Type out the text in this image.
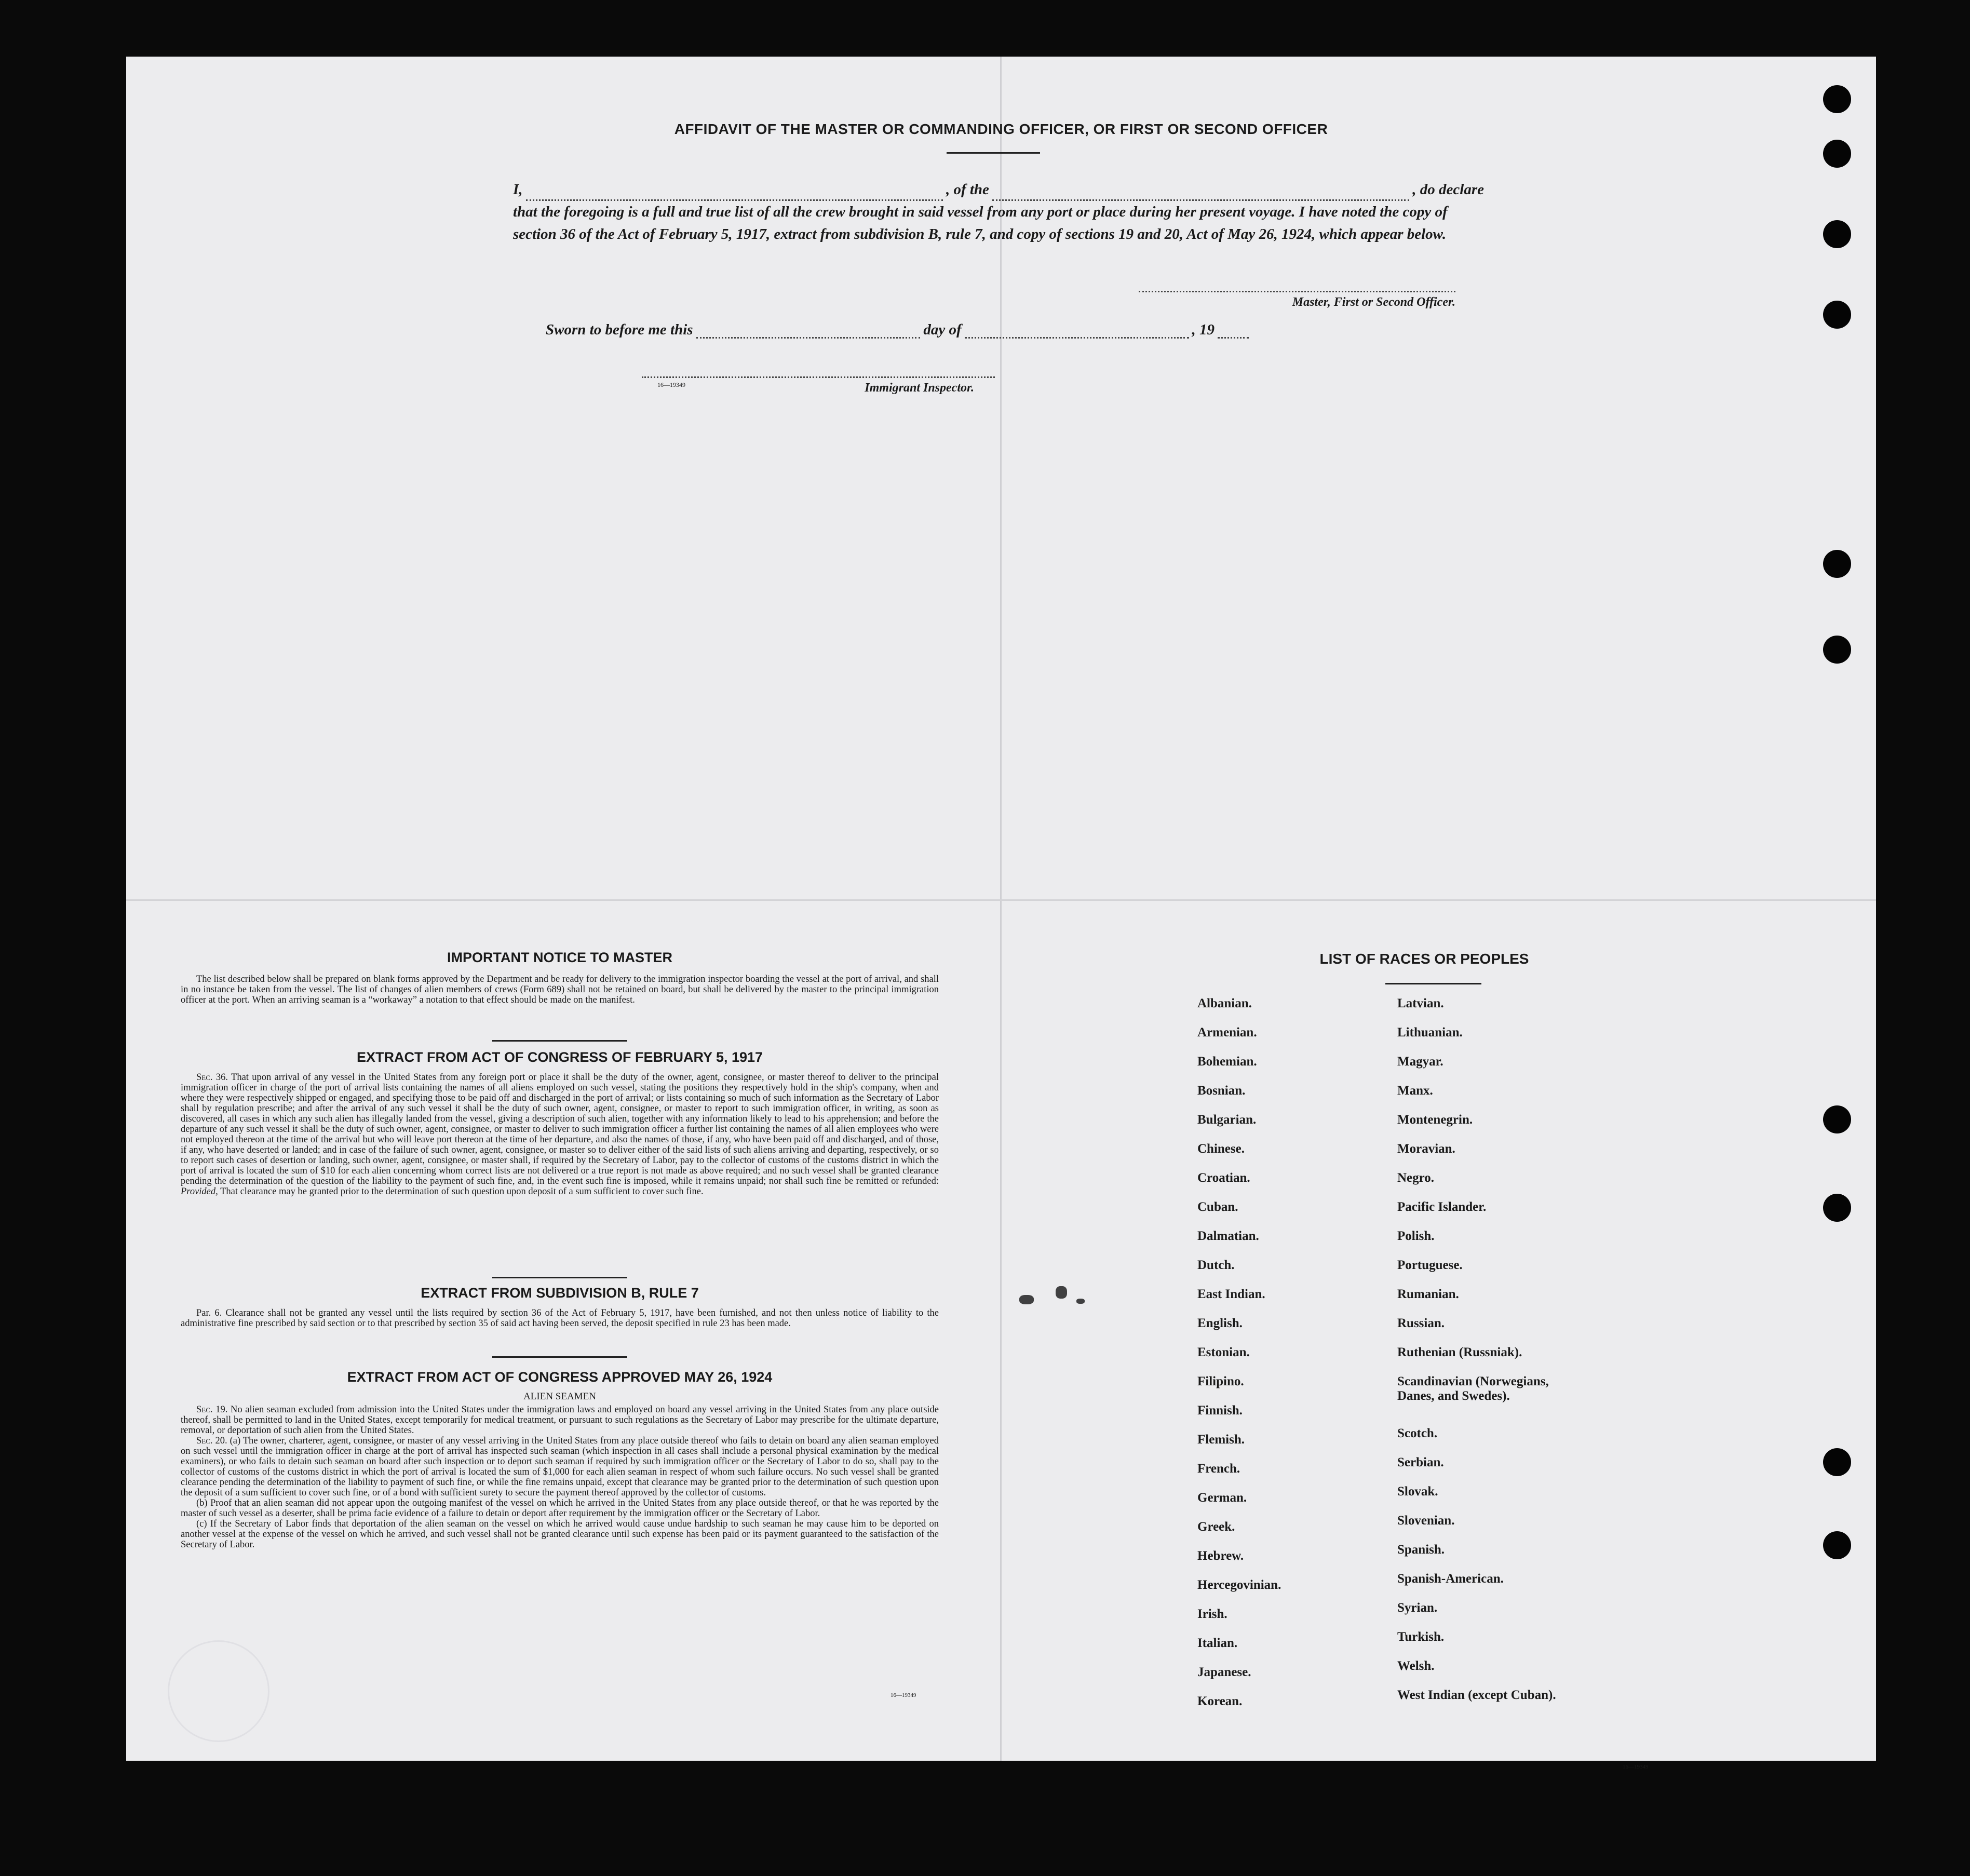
AFFIDAVIT OF THE MASTER OR COMMANDING OFFICER, OR FIRST OR SECOND OFFICER
I,	, of the	, do declare
that the foregoing is a full and true list of all the crew brought in said vessel from any port or place during her present voyage. I have noted the copy of section 36 of the Act of February 5, 1917, extract from subdivision B, rule 7, and copy of sections 19 and 20, Act of May 26, 1924, which appear below.
Master, First or Second Officer.
Sworn to before me this	day of	, 19
16—19349	Immigrant Inspector.
IMPORTANT NOTICE TO MASTER
The list described below shall be prepared on blank forms approved by the Department and be ready for delivery to the immigration inspector boarding the vessel at the port of arrival, and shall in no instance be taken from the vessel. The list of changes of alien members of crews (Form 689) shall not be retained on board, but shall be delivered by the master to the principal immigration officer at the port. When an arriving seaman is a “workaway” a notation to that effect should be made on the manifest.
EXTRACT FROM ACT OF CONGRESS OF FEBRUARY 5, 1917
Sec. 36. That upon arrival of any vessel in the United States from any foreign port or place it shall be the duty of the owner, agent, consignee, or master thereof to deliver to the principal immigration officer in charge of the port of arrival lists containing the names of all aliens employed on such vessel, stating the positions they respectively hold in the ship's company, when and where they were respectively shipped or engaged, and specifying those to be paid off and discharged in the port of arrival; or lists containing so much of such information as the Secretary of Labor shall by regulation prescribe; and after the arrival of any such vessel it shall be the duty of such owner, agent, consignee, or master to report to such immigration officer, in writing, as soon as discovered, all cases in which any such alien has illegally landed from the vessel, giving a description of such alien, together with any information likely to lead to his apprehension; and before the departure of any such vessel it shall be the duty of such owner, agent, consignee, or master to deliver to such immigration officer a further list containing the names of all alien employees who were not employed thereon at the time of the arrival but who will leave port thereon at the time of her departure, and also the names of those, if any, who have been paid off and discharged, and of those, if any, who have deserted or landed; and in case of the failure of such owner, agent, consignee, or master so to deliver either of the said lists of such aliens arriving and departing, respectively, or so to report such cases of desertion or landing, such owner, agent, consignee, or master shall, if required by the Secretary of Labor, pay to the collector of customs of the customs district in which the port of arrival is located the sum of $10 for each alien concerning whom correct lists are not delivered or a true report is not made as above required; and no such vessel shall be granted clearance pending the determination of the question of the liability to the payment of such fine, and, in the event such fine is imposed, while it remains unpaid; nor shall such fine be remitted or refunded: Provided, That clearance may be granted prior to the determination of such question upon deposit of a sum sufficient to cover such fine.
EXTRACT FROM SUBDIVISION B, RULE 7
Par. 6. Clearance shall not be granted any vessel until the lists required by section 36 of the Act of February 5, 1917, have been furnished, and not then unless notice of liability to the administrative fine prescribed by said section or to that prescribed by section 35 of said act having been served, the deposit specified in rule 23 has been made.
EXTRACT FROM ACT OF CONGRESS APPROVED MAY 26, 1924
ALIEN SEAMEN
Sec. 19. No alien seaman excluded from admission into the United States under the immigration laws and employed on board any vessel arriving in the United States from any place outside thereof, shall be permitted to land in the United States, except temporarily for medical treatment, or pursuant to such regulations as the Secretary of Labor may prescribe for the ultimate departure, removal, or deportation of such alien from the United States.
Sec. 20. (a) The owner, charterer, agent, consignee, or master of any vessel arriving in the United States from any place outside thereof who fails to detain on board any alien seaman employed on such vessel until the immigration officer in charge at the port of arrival has inspected such seaman (which inspection in all cases shall include a personal physical examination by the medical examiners), or who fails to detain such seaman on board after such inspection or to deport such seaman if required by such immigration officer or the Secretary of Labor to do so, shall pay to the collector of customs of the customs district in which the port of arrival is located the sum of $1,000 for each alien seaman in respect of whom such failure occurs. No such vessel shall be granted clearance pending the determination of the liability to payment of such fine, or while the fine remains unpaid, except that clearance may be granted prior to the determination of such question upon the deposit of a sum sufficient to cover such fine, or of a bond with sufficient surety to secure the payment thereof approved by the collector of customs.
(b) Proof that an alien seaman did not appear upon the outgoing manifest of the vessel on which he arrived in the United States from any place outside thereof, or that he was reported by the master of such vessel as a deserter, shall be prima facie evidence of a failure to detain or deport after requirement by the immigration officer or the Secretary of Labor.
(c) If the Secretary of Labor finds that deportation of the alien seaman on the vessel on which he arrived would cause undue hardship to such seaman he may cause him to be deported on another vessel at the expense of the vessel on which he arrived, and such vessel shall not be granted clearance until such expense has been paid or its payment guaranteed to the satisfaction of the Secretary of Labor.
16—19349
LIST OF RACES OR PEOPLES
Albanian.
Armenian.
Bohemian.
Bosnian.
Bulgarian.
Chinese.
Croatian.
Cuban.
Dalmatian.
Dutch.
East Indian.
English.
Estonian.
Filipino.
Finnish.
Flemish.
French.
German.
Greek.
Hebrew.
Hercegovinian.
Irish.
Italian.
Japanese.
Korean.
Latvian.
Lithuanian.
Magyar.
Manx.
Montenegrin.
Moravian.
Negro.
Pacific Islander.
Polish.
Portuguese.
Rumanian.
Russian.
Ruthenian (Russniak).
Scandinavian (Norwegians, Danes, and Swedes).
Scotch.
Serbian.
Slovak.
Slovenian.
Spanish.
Spanish-American.
Syrian.
Turkish.
Welsh.
West Indian (except Cuban).
16—19349
